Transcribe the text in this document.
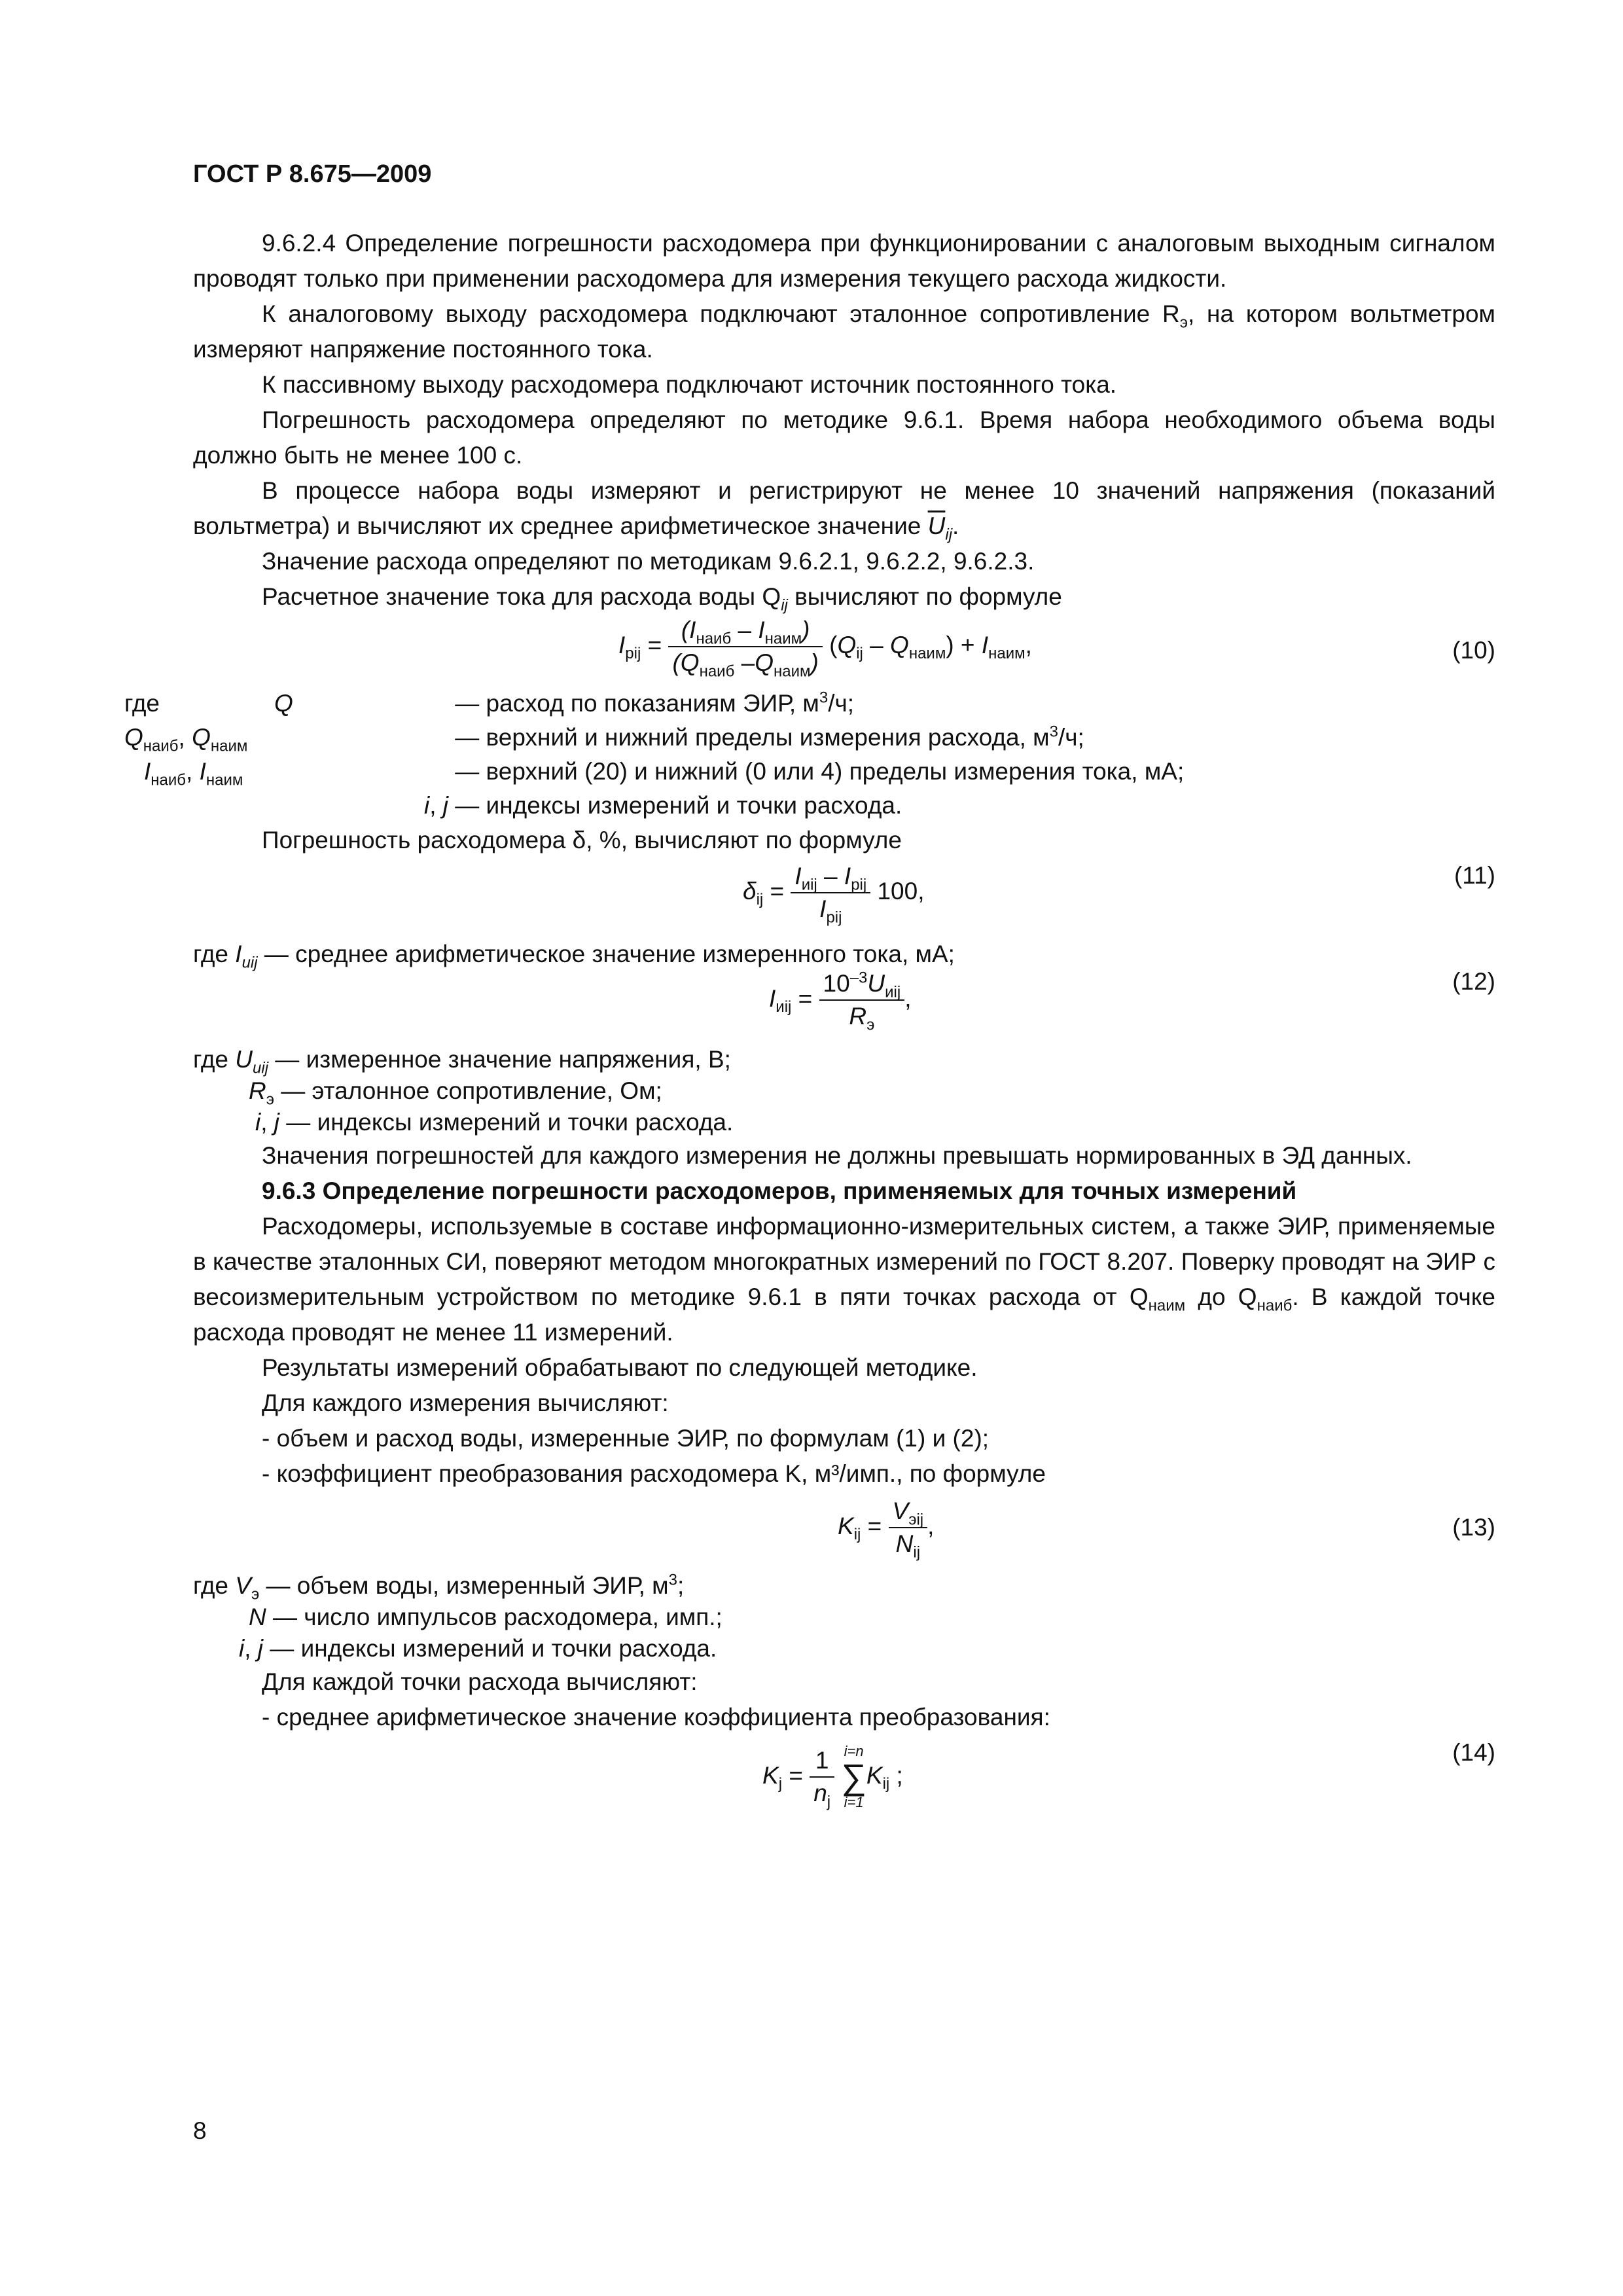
ГОСТ Р 8.675—2009

9.6.2.4 Определение погрешности расходомера при функционировании с аналоговым выходным сигналом проводят только при применении расходомера для измерения текущего расхода жидкости.

К аналоговому выходу расходомера подключают эталонное сопротивление $R_э$, на котором вольтметром измеряют напряжение постоянного тока.

К пассивному выходу расходомера подключают источник постоянного тока.

Погрешность расходомера определяют по методике 9.6.1. Время набора необходимого объема воды должно быть не менее 100 с.

В процессе набора воды измеряют и регистрируют не менее 10 значений напряжения (показаний вольтметра) и вычисляют их среднее арифметическое значение $\overline{U}_{ij}$.

Значение расхода определяют по методикам 9.6.2.1, 9.6.2.2, 9.6.2.3.

Расчетное значение тока для расхода воды $Q_{ij}$ вычисляют по формуле

$I_{pij} = \frac{(I_{наиб} - I_{наим})}{(Q_{наиб} -Q_{наим})} (Q_{ij} - Q_{наим}) + I_{наим}$,	(10)
где	Q	— расход по показаниям ЭИР, $м^3/ч$;
$Q_{наиб}$, $Q_{наим}$	— верхний и нижний пределы измерения расхода, $м^3/ч$;
$I_{наиб}$, $I_{наим}$	— верхний (20) и нижний (0 или 4) пределы измерения тока, мА;
i, j — индексы измерений и точки расхода.

Погрешность расходомера δ, %, вычисляют по формуле

$\delta_{ij} = \frac{I_{иij} - I_{pij}}{I_{pij}} 100$,
(11)

где $I_{иij}$ — среднее арифметическое значение измеренного тока, мА;

$I_{иij} = \frac{10^{-3}U_{иij}}{R_э}$ ,
(12)
где $U_{иij}$ — измеренное значение напряжения, В;
$R_э$ — эталонное сопротивление, Ом;
i, j — индексы измерений и точки расхода.

Значения погрешностей для каждого измерения не должны превышать нормированных в ЭД данных.

9.6.3 Определение погрешности расходомеров, применяемых для точных измерений

Расходомеры, используемые в составе информационно-измерительных систем, а также ЭИР, применяемые в качестве эталонных СИ, поверяют методом многократных измерений по ГОСТ 8.207. Поверку проводят на ЭИР с весоизмерительным устройством по методике 9.6.1 в пяти точках расхода от $Q_{наим}$ до $Q_{наиб}$. В каждой точке расхода проводят не менее 11 измерений.

Результаты измерений обрабатывают по следующей методике.

Для каждого измерения вычисляют:

- объем и расход воды, измеренные ЭИР, по формулам (1) и (2);

- коэффициент преобразования расходомера K, м³/имп., по формуле

$K_{ij} = \frac{V_{эij}}{N_{ij}}$ ,	(13)
где $V_э$ — объем воды, измеренный ЭИР, $м^3$;
N — число импульсов расходомера, имп.;
i, j — индексы измерений и точки расхода.

Для каждой точки расхода вычисляют:

- среднее арифметическое значение коэффициента преобразования:

$K_j = \frac{1}{n_j}$
i=n
∑
i=1
$K_{ij}$ ;
(14)
8
